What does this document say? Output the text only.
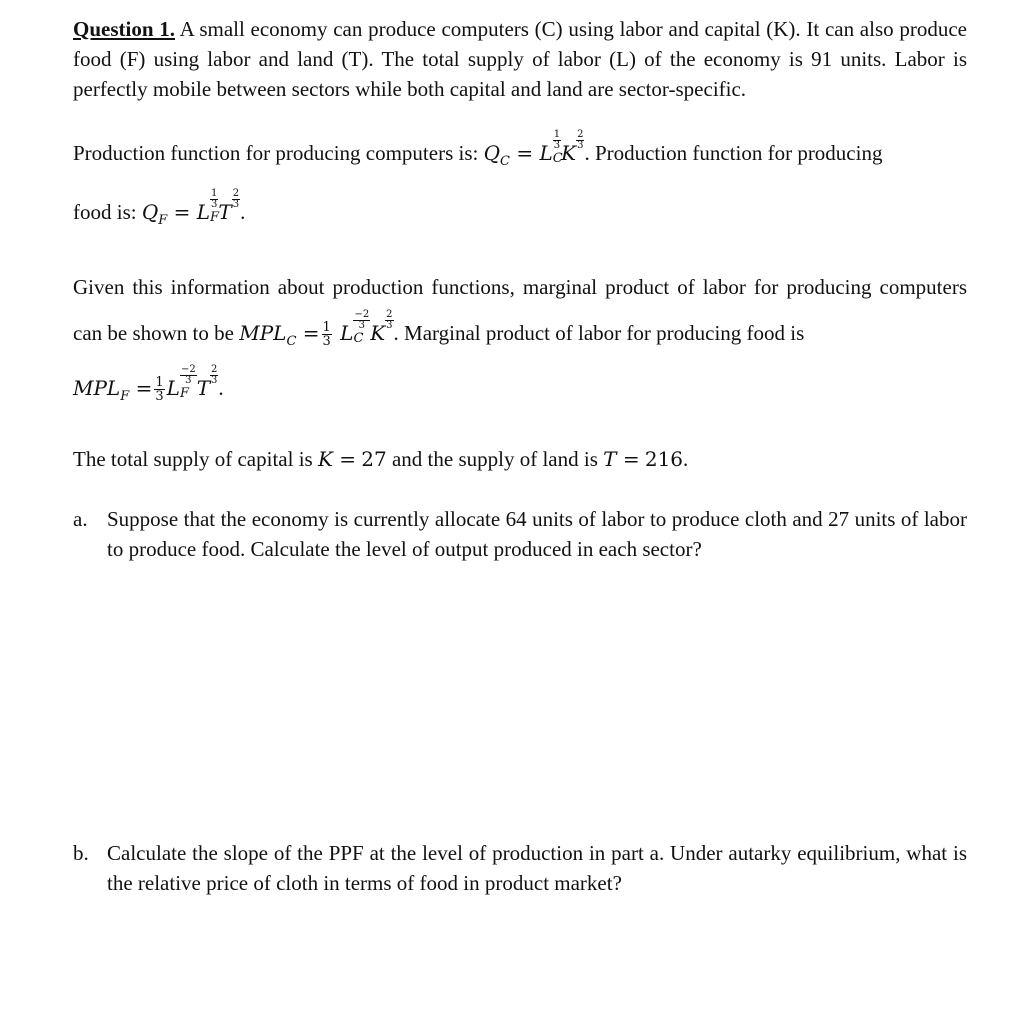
Question 1. A small economy can produce computers (C) using labor and capital (K). It can also produce food (F) using labor and land (T). The total supply of labor (L) of the economy is 91 units. Labor is perfectly mobile between sectors while both capital and land are sector-specific.

Production function for producing computers is: $Q_C = L$ C
$\frac{1}{3}$
K
$\frac{2}{3}$
. Production function for producing
food is: $Q_F = L$ F
$\frac{1}{3}$
T
$\frac{2}{3}$
.

Given this information about production functions, marginal product of labor for producing computers can be shown to be $MPL_C = \frac{1}{3}$ L C
$\frac{-2}{3}$
K
$\frac{2}{3}$
. Marginal product of labor for producing food is
$MPL_F = \frac{1}{3}$ L F
$\frac{-2}{3}$
T
$\frac{2}{3}$
.

The total supply of capital is K = 27 and the supply of land is T = 216.

a. Suppose that the economy is currently allocate 64 units of labor to produce cloth and 27 units of labor to produce food. Calculate the level of output produced in each sector?
b. Calculate the slope of the PPF at the level of production in part a. Under autarky equilibrium, what is the relative price of cloth in terms of food in product market?
